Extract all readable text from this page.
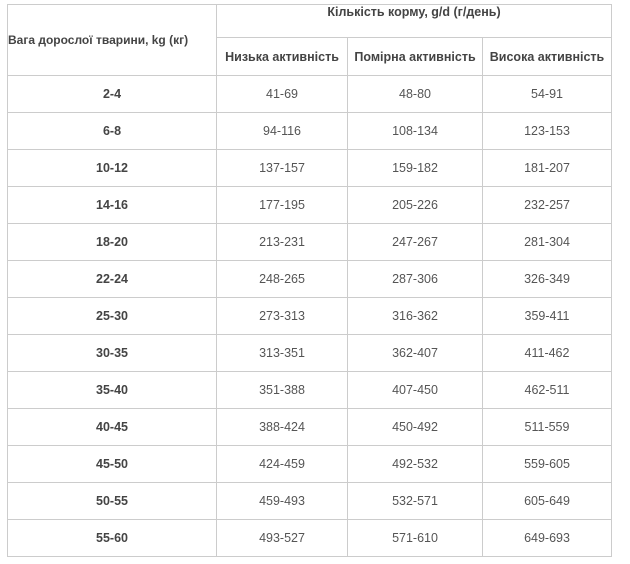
Вага дорослої тварини, kg (кг)	Кількість корму, g/d (г/день)		
	Низька активність	Помірна активність	Висока активність
2-4	41-69	48-80	54-91
6-8	94-116	108-134	123-153
10-12	137-157	159-182	181-207
14-16	177-195	205-226	232-257
18-20	213-231	247-267	281-304
22-24	248-265	287-306	326-349
25-30	273-313	316-362	359-411
30-35	313-351	362-407	411-462
35-40	351-388	407-450	462-511
40-45	388-424	450-492	511-559
45-50	424-459	492-532	559-605
50-55	459-493	532-571	605-649
55-60	493-527	571-610	649-693
